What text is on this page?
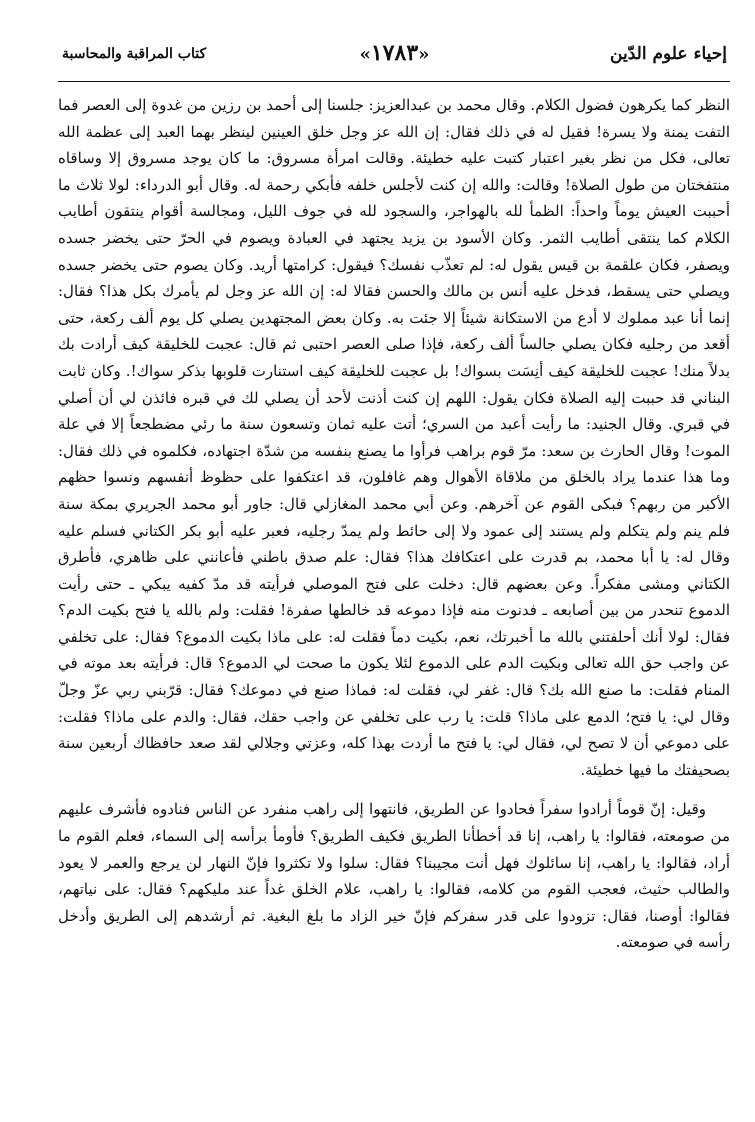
إحياء علوم الدّين
«١٧٨٣»
كتاب المراقبة والمحاسبة

النظر كما يكرهون فضول الكلام. وقال محمد بن عبدالعزيز: جلسنا إلى أحمد بن رزين من غدوة إلى العصر فما التفت يمنة ولا يسرة! فقيل له في ذلك فقال: إن الله عز وجل خلق العينين لينظر بهما العبد إلى عظمة الله تعالى، فكل من نظر بغير اعتبار كتبت عليه خطيئة. وقالت امرأة مسروق: ما كان يوجد مسروق إلا وساقاه منتفختان من طول الصلاة! وقالت: والله إن كنت لأجلس خلفه فأبكي رحمة له. وقال أبو الدرداء: لولا ثلاث ما أحببت العيش يوماً واحداً: الظمأ لله بالهواجر، والسجود لله في جوف الليل، ومجالسة أقوام ينتقون أطايب الكلام كما ينتقى أطايب الثمر. وكان الأسود بن يزيد يجتهد في العبادة ويصوم في الحرّ حتى يخضر جسده ويصفر، فكان علقمة بن قيس يقول له: لم تعذّب نفسك؟ فيقول: كرامتها أريد. وكان يصوم حتى يخضر جسده ويصلي حتى يسقط، فدخل عليه أنس بن مالك والحسن فقالا له: إن الله عز وجل لم يأمرك بكل هذا؟ فقال: إنما أنا عبد مملوك لا أدع من الاستكانة شيئاً إلا جئت به. وكان بعض المجتهدين يصلي كل يوم ألف ركعة، حتى أقعد من رجليه فكان يصلي جالساً ألف ركعة، فإذا صلى العصر احتبى ثم قال: عجبت للخليقة كيف أرادت بك بدلاً منك! عجبت للخليقة كيف أنِسَت بسواك! بل عجبت للخليقة كيف استنارت قلوبها بذكر سواك!. وكان ثابت البناني قد حببت إليه الصلاة فكان يقول: اللهم إن كنت أذنت لأحد أن يصلي لك في قبره فائذن لي أن أصلي في قبري. وقال الجنيد: ما رأيت أعبد من السري؛ أتت عليه ثمان وتسعون سنة ما رئي مضطجعاً إلا في علة الموت! وقال الحارث بن سعد: مرّ قوم براهب فرأوا ما يصنع بنفسه من شدّة اجتهاده، فكلموه في ذلك فقال: وما هذا عندما يراد بالخلق من ملاقاة الأهوال وهم غافلون، قد اعتكفوا على حظوظ أنفسهم ونسوا حظهم الأكبر من ربهم؟ فبكى القوم عن آخرهم. وعن أبي محمد المغازلي قال: جاور أبو محمد الجريري بمكة سنة فلم ينم ولم يتكلم ولم يستند إلى عمود ولا إلى حائط ولم يمدّ رجليه، فعبر عليه أبو بكر الكتاني فسلم عليه وقال له: يا أبا محمد، بم قدرت على اعتكافك هذا؟ فقال: علم صدق باطني فأعانني على ظاهري، فأطرق الكتاني ومشى مفكراً. وعن بعضهم قال: دخلت على فتح الموصلي فرأيته قد مدّ كفيه يبكي ـ حتى رأيت الدموع تنحدر من بين أصابعه ـ فدنوت منه فإذا دموعه قد خالطها صفرة! فقلت: ولم بالله يا فتح بكيت الدم؟ فقال: لولا أنك أحلفتني بالله ما أخبرتك، نعم، بكيت دماً فقلت له: على ماذا بكيت الدموع؟ فقال: على تخلفي عن واجب حق الله تعالى وبكيت الدم على الدموع لئلا يكون ما صحت لي الدموع؟ قال: فرأيته بعد موته في المنام فقلت: ما صنع الله بك؟ قال: غفر لي، فقلت له: فماذا صنع في دموعك؟ فقال: قرّبني ربي عزّ وجلّ وقال لي: يا فتح؛ الدمع على ماذا؟ قلت: يا رب على تخلفي عن واجب حقك، فقال: والدم على ماذا؟ فقلت: على دموعي أن لا تصح لي، فقال لي: يا فتح ما أردت بهذا كله، وعزتي وجلالي لقد صعد حافظاك أربعين سنة بصحيفتك ما فيها خطيئة.

وقيل: إنّ قوماً أرادوا سفراً فحادوا عن الطريق، فانتهوا إلى راهب منفرد عن الناس فنادوه فأشرف عليهم من صومعته، فقالوا: يا راهب، إنا قد أخطأنا الطريق فكيف الطريق؟ فأومأ برأسه إلى السماء، فعلم القوم ما أراد، فقالوا: يا راهب، إنا سائلوك فهل أنت مجيبنا؟ فقال: سلوا ولا تكثروا فإنّ النهار لن يرجع والعمر لا يعود والطالب حثيث، فعجب القوم من كلامه، فقالوا: يا راهب، علام الخلق غداً عند مليكهم؟ فقال: على نياتهم، فقالوا: أوصنا، فقال: تزودوا على قدر سفركم فإنّ خير الزاد ما بلغ البغية. ثم أرشدهم إلى الطريق وأدخل رأسه في صومعته.
